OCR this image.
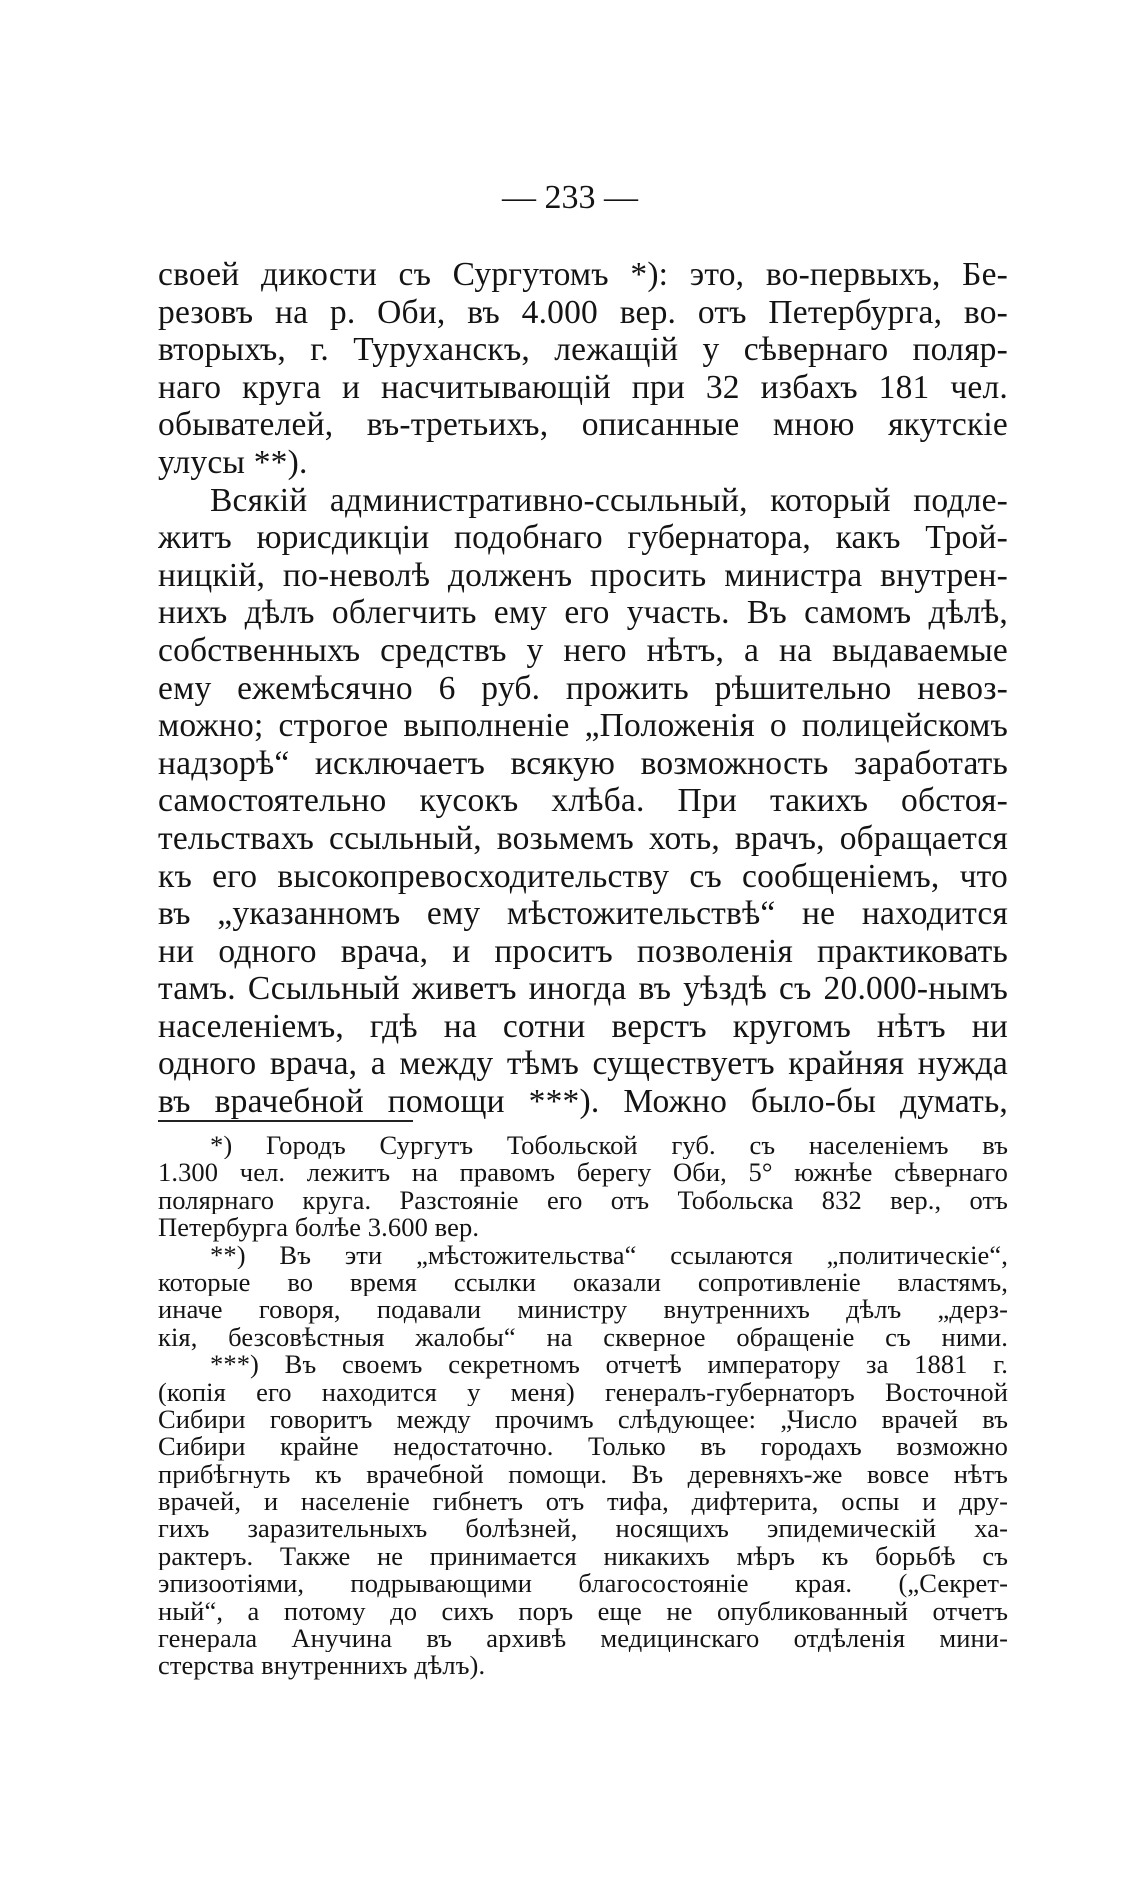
— 233 —
своей дикости съ Сургутомъ *): это, во-первыхъ, Бе-
резовъ на р. Оби, въ 4.000 вер. отъ Петербурга, во-
вторыхъ, г. Туруханскъ, лежащій у сѣвернаго поляр-
наго круга и насчитывающій при 32 избахъ 181 чел.
обывателей, въ-третьихъ, описанные мною якутскіе
улусы **).
Всякій административно-ссыльный, который подле-
житъ юрисдикціи подобнаго губернатора, какъ Трой-
ницкій, по-неволѣ долженъ просить министра внутрен-
нихъ дѣлъ облегчить ему его участь. Въ самомъ дѣлѣ,
собственныхъ средствъ у него нѣтъ, а на выдаваемые
ему ежемѣсячно 6 руб. прожить рѣшительно невоз-
можно; строгое выполненіе „Положенія о полицейскомъ
надзорѣ“ исключаетъ всякую возможность заработать
самостоятельно кусокъ хлѣба. При такихъ обстоя-
тельствахъ ссыльный, возьмемъ хоть, врачъ, обращается
къ его высокопревосходительству съ сообщеніемъ, что
въ „указанномъ ему мѣстожительствѣ“ не находится
ни одного врача, и проситъ позволенія практиковать
тамъ. Ссыльный живетъ иногда въ уѣздѣ съ 20.000-нымъ
населеніемъ, гдѣ на сотни верстъ кругомъ нѣтъ ни
одного врача, а между тѣмъ существуетъ крайняя нужда
въ врачебной помощи ***). Можно было-бы думать,
*) Городъ Сургутъ Тобольской губ. съ населеніемъ въ
1.300 чел. лежитъ на правомъ берегу Оби, 5° южнѣе сѣвернаго
полярнаго круга. Разстояніе его отъ Тобольска 832 вер., отъ
Петербурга болѣе 3.600 вер.
**) Въ эти „мѣстожительства“ ссылаются „политическіе“,
которые во время ссылки оказали сопротивленіе властямъ,
иначе говоря, подавали министру внутреннихъ дѣлъ „дерз-
кія, безсовѣстныя жалобы“ на скверное обращеніе съ ними.
***) Въ своемъ секретномъ отчетѣ императору за 1881 г.
(копія его находится у меня) генералъ-губернаторъ Восточной
Сибири говоритъ между прочимъ слѣдующее: „Число врачей въ
Сибири крайне недостаточно. Только въ городахъ возможно
прибѣгнуть къ врачебной помощи. Въ деревняхъ-же вовсе нѣтъ
врачей, и населеніе гибнетъ отъ тифа, дифтерита, оспы и дру-
гихъ заразительныхъ болѣзней, носящихъ эпидемическій ха-
рактеръ. Также не принимается никакихъ мѣръ къ борьбѣ съ
эпизоотіями, подрывающими благосостояніе края. („Секрет-
ный“, а потому до сихъ поръ еще не опубликованный отчетъ
генерала Анучина въ архивѣ медицинскаго отдѣленія мини-
стерства внутреннихъ дѣлъ).
